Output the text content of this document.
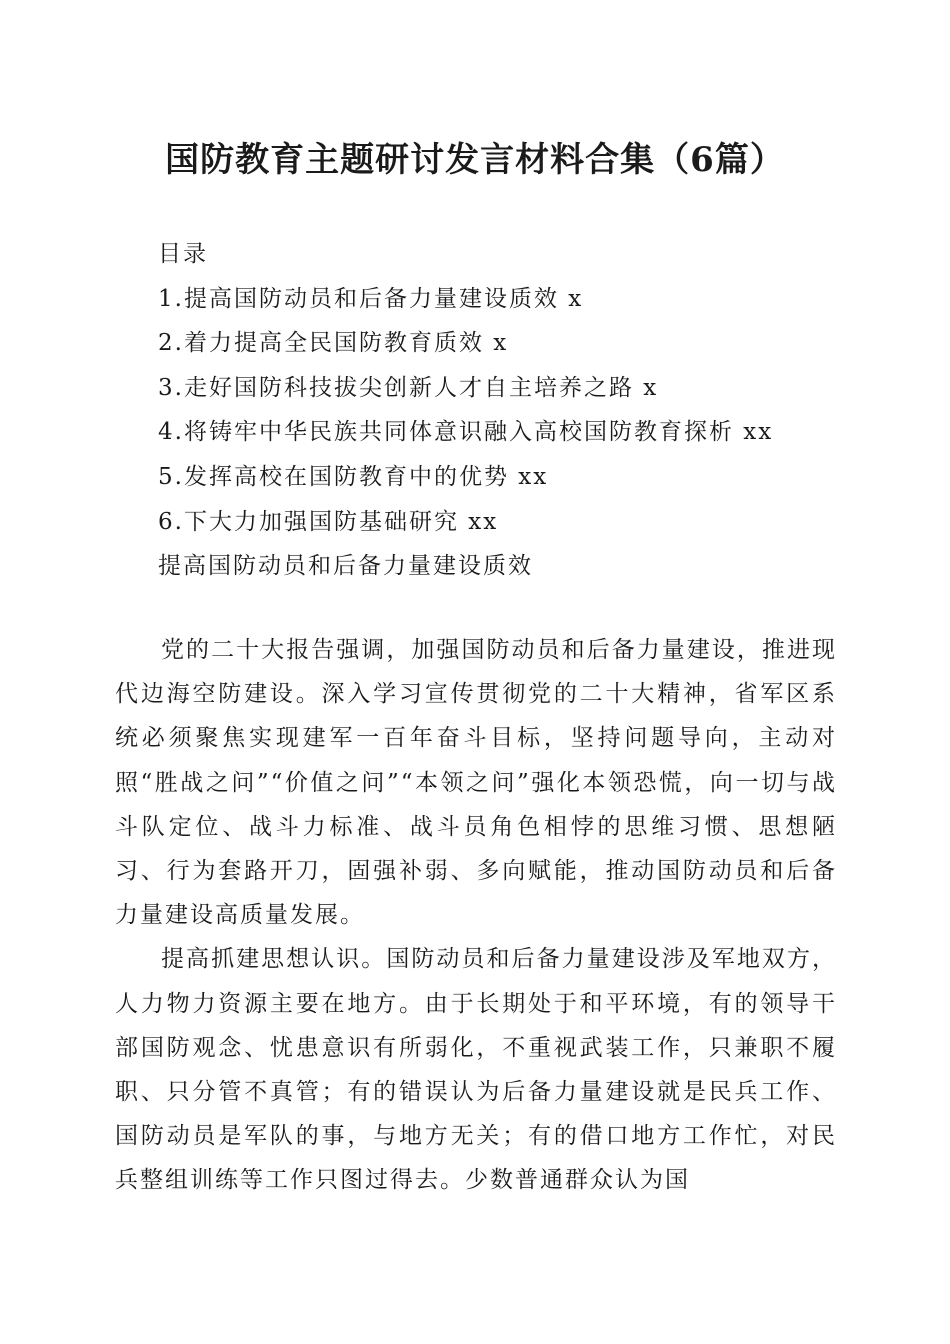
国防教育主题研讨发言材料合集（6篇）
目录
1.提高国防动员和后备力量建设质效 x
2.着力提高全民国防教育质效 x
3.走好国防科技拔尖创新人才自主培养之路 x
4.将铸牢中华民族共同体意识融入高校国防教育探析 xx
5.发挥高校在国防教育中的优势 xx
6.下大力加强国防基础研究 xx
提高国防动员和后备力量建设质效

党的二十大报告强调，加强国防动员和后备力量建设，推进现代边海空防建设。深入学习宣传贯彻党的二十大精神，省军区系统必须聚焦实现建军一百年奋斗目标，坚持问题导向，主动对照“胜战之问”“价值之问”“本领之问”强化本领恐慌，向一切与战斗队定位、战斗力标准、战斗员角色相悖的思维习惯、思想陋习、行为套路开刀，固强补弱、多向赋能，推动国防动员和后备力量建设高质量发展。

提高抓建思想认识。国防动员和后备力量建设涉及军地双方，人力物力资源主要在地方。由于长期处于和平环境，有的领导干部国防观念、忧患意识有所弱化，不重视武装工作，只兼职不履职、只分管不真管；有的错误认为后备力量建设就是民兵工作、国防动员是军队的事，与地方无关；有的借口地方工作忙，对民兵整组训练等工作只图过得去。少数普通群众认为国
